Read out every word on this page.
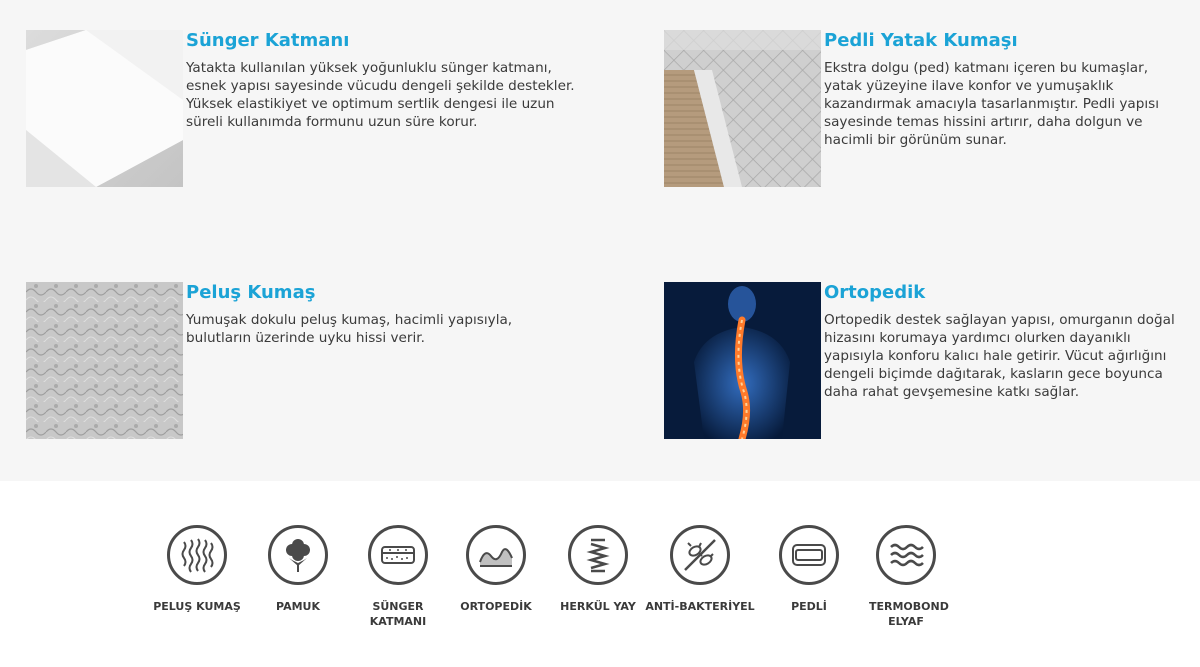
Sünger Katmanı

Yatakta kullanılan yüksek yoğunluklu sünger katmanı, esnek yapısı sayesinde vücudu dengeli şekilde destekler. Yüksek elastikiyet ve optimum sertlik dengesi ile uzun süreli kullanımda formunu uzun süre korur.

Pedli Yatak Kumaşı

Ekstra dolgu (ped) katmanı içeren bu kumaşlar, yatak yüzeyine ilave konfor ve yumuşaklık kazandırmak amacıyla tasarlanmıştır. Pedli yapısı sayesinde temas hissini artırır, daha dolgun ve hacimli bir görünüm sunar.

Peluş Kumaş

Yumuşak dokulu peluş kumaş, hacimli yapısıyla, bulutların üzerinde uyku hissi verir.

Ortopedik

Ortopedik destek sağlayan yapısı, omurganın doğal hizasını korumaya yardımcı olurken dayanıklı yapısıyla konforu kalıcı hale getirir. Vücut ağırlığını dengeli biçimde dağıtarak, kasların gece boyunca daha rahat gevşemesine katkı sağlar.

PELUŞ KUMAŞ	PAMUK	SÜNGER KATMANI
ORTOPEDİK	HERKÜL YAY ANTİ-BAKTERİYEL	PEDLİ	TERMOBOND ELYAF
